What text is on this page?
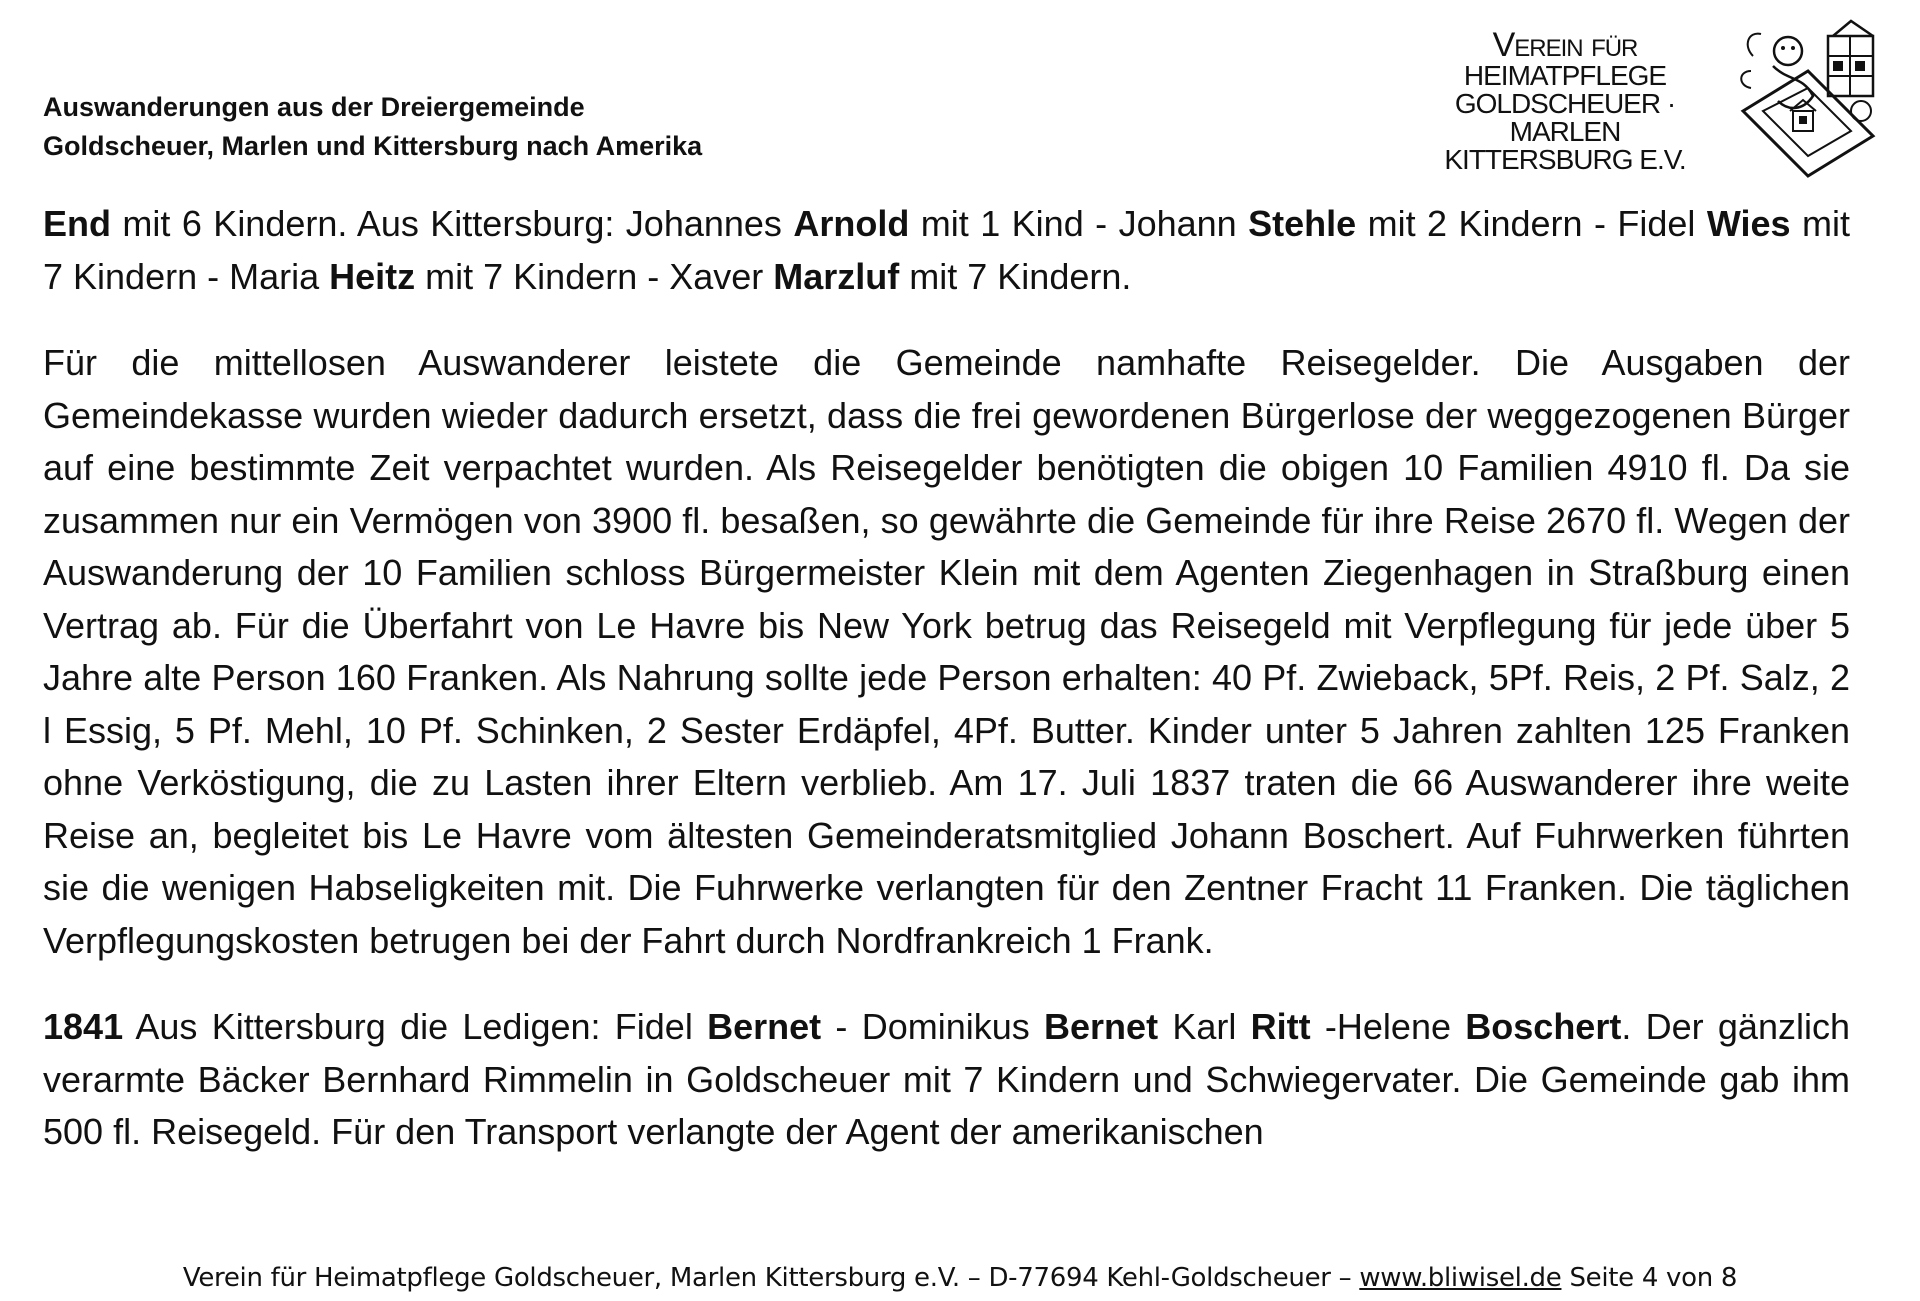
Auswanderungen aus der Dreiergemeinde
Goldscheuer, Marlen und Kittersburg nach Amerika
Verein für
HEIMATPFLEGE
GOLDSCHEUER · MARLEN
KITTERSBURG E.V.

End mit 6 Kindern. Aus Kittersburg: Johannes Arnold mit 1 Kind - Johann Stehle mit 2 Kindern - Fidel Wies mit 7 Kindern - Maria Heitz mit 7 Kindern - Xaver Marzluf mit 7 Kindern.

Für die mittellosen Auswanderer leistete die Gemeinde namhafte Reisegelder. Die Ausgaben der Gemeindekasse wurden wieder dadurch ersetzt, dass die frei gewordenen Bürgerlose der weggezogenen Bürger auf eine bestimmte Zeit verpachtet wurden. Als Reisegelder benötigten die obigen 10 Familien 4910 fl. Da sie zusammen nur ein Vermögen von 3900 fl. besaßen, so gewährte die Gemeinde für ihre Reise 2670 fl. Wegen der Auswanderung der 10 Familien schloss Bürgermeister Klein mit dem Agenten Ziegenhagen in Straßburg einen Vertrag ab. Für die Überfahrt von Le Havre bis New York betrug das Reisegeld mit Verpflegung für jede über 5 Jahre alte Person 160 Franken. Als Nahrung sollte jede Person erhalten: 40 Pf. Zwieback, 5Pf. Reis, 2 Pf. Salz, 2 l Essig, 5 Pf. Mehl, 10 Pf. Schinken, 2 Sester Erdäpfel, 4Pf. Butter. Kinder unter 5 Jahren zahlten 125 Franken ohne Verköstigung, die zu Lasten ihrer Eltern verblieb. Am 17. Juli 1837 traten die 66 Auswanderer ihre weite Reise an, begleitet bis Le Havre vom ältesten Gemeinderatsmitglied Johann Boschert. Auf Fuhrwerken führten sie die wenigen Habseligkeiten mit. Die Fuhrwerke verlangten für den Zentner Fracht 11 Franken. Die täglichen Verpflegungskosten betrugen bei der Fahrt durch Nordfrankreich 1 Frank.

1841 Aus Kittersburg die Ledigen: Fidel Bernet - Dominikus Bernet Karl Ritt -Helene Boschert. Der gänzlich verarmte Bäcker Bernhard Rimmelin in Goldscheuer mit 7 Kindern und Schwiegervater. Die Gemeinde gab ihm 500 fl. Reisegeld. Für den Transport verlangte der Agent der amerikanischen

Verein für Heimatpflege Goldscheuer, Marlen Kittersburg e.V. – D-77694 Kehl-Goldscheuer – www.bliwisel.de Seite 4 von 8
